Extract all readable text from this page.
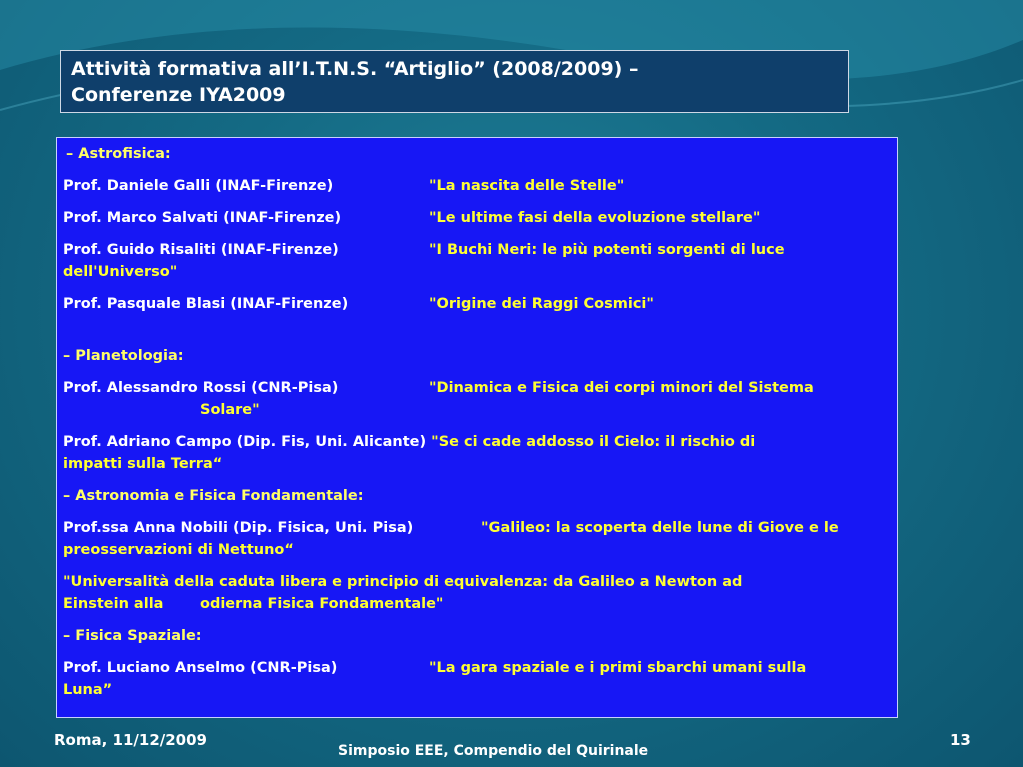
Attività formativa all’I.T.N.S. “Artiglio” (2008/2009) –
Conferenze IYA2009
– Astrofisica:
Prof. Daniele Galli (INAF-Firenze)	"La nascita delle Stelle"
Prof. Marco Salvati (INAF-Firenze)	"Le ultime fasi della evoluzione stellare"
Prof. Guido Risaliti (INAF-Firenze)	"I Buchi Neri: le più potenti sorgenti di luce
dell'Universo"
Prof. Pasquale Blasi (INAF-Firenze)	"Origine dei Raggi Cosmici"
– Planetologia:
Prof. Alessandro Rossi (CNR-Pisa)	"Dinamica e Fisica dei corpi minori del Sistema
Solare"
Prof. Adriano Campo (Dip. Fis, Uni. Alicante) "Se ci cade addosso il Cielo: il rischio di
impatti sulla Terra“
– Astronomia e Fisica Fondamentale:
Prof.ssa Anna Nobili (Dip. Fisica, Uni. Pisa)	"Galileo: la scoperta delle lune di Giove e le
preosservazioni di Nettuno“
"Universalità della caduta libera e principio di equivalenza: da Galileo a Newton ad
Einstein alla	odierna Fisica Fondamentale"
– Fisica Spaziale:
Prof. Luciano Anselmo (CNR-Pisa)	"La gara spaziale e i primi sbarchi umani sulla
Luna”
Roma, 11/12/2009
Simposio EEE, Compendio del Quirinale
13
